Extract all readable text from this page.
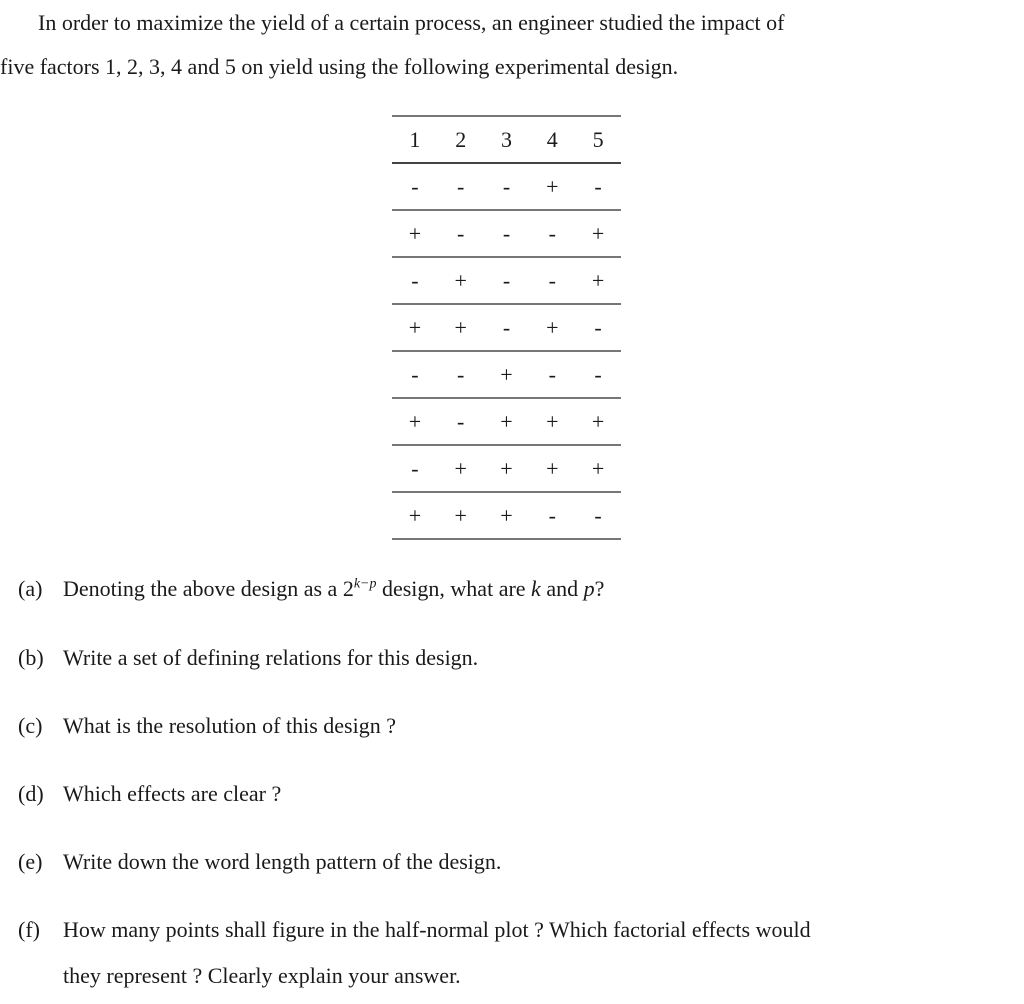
In order to maximize the yield of a certain process, an engineer studied the impact of
five factors 1, 2, 3, 4 and 5 on yield using the following experimental design.
1	2	3	4	5
-	-	-	+	-
+	-	-	-	+
-	+	-	-	+
+	+	-	+	-
-	-	+	-	-
+	-	+	+	+
-	+	+	+	+
+	+	+	-	-
(a) Denoting the above design as a $2^{k-p}$ design, what are k and p?
(b) Write a set of defining relations for this design.
(c) What is the resolution of this design ?
(d) Which effects are clear ?
(e) Write down the word length pattern of the design.
(f)	How many points shall figure in the half-normal plot ? Which factorial effects would
they represent ? Clearly explain your answer.
